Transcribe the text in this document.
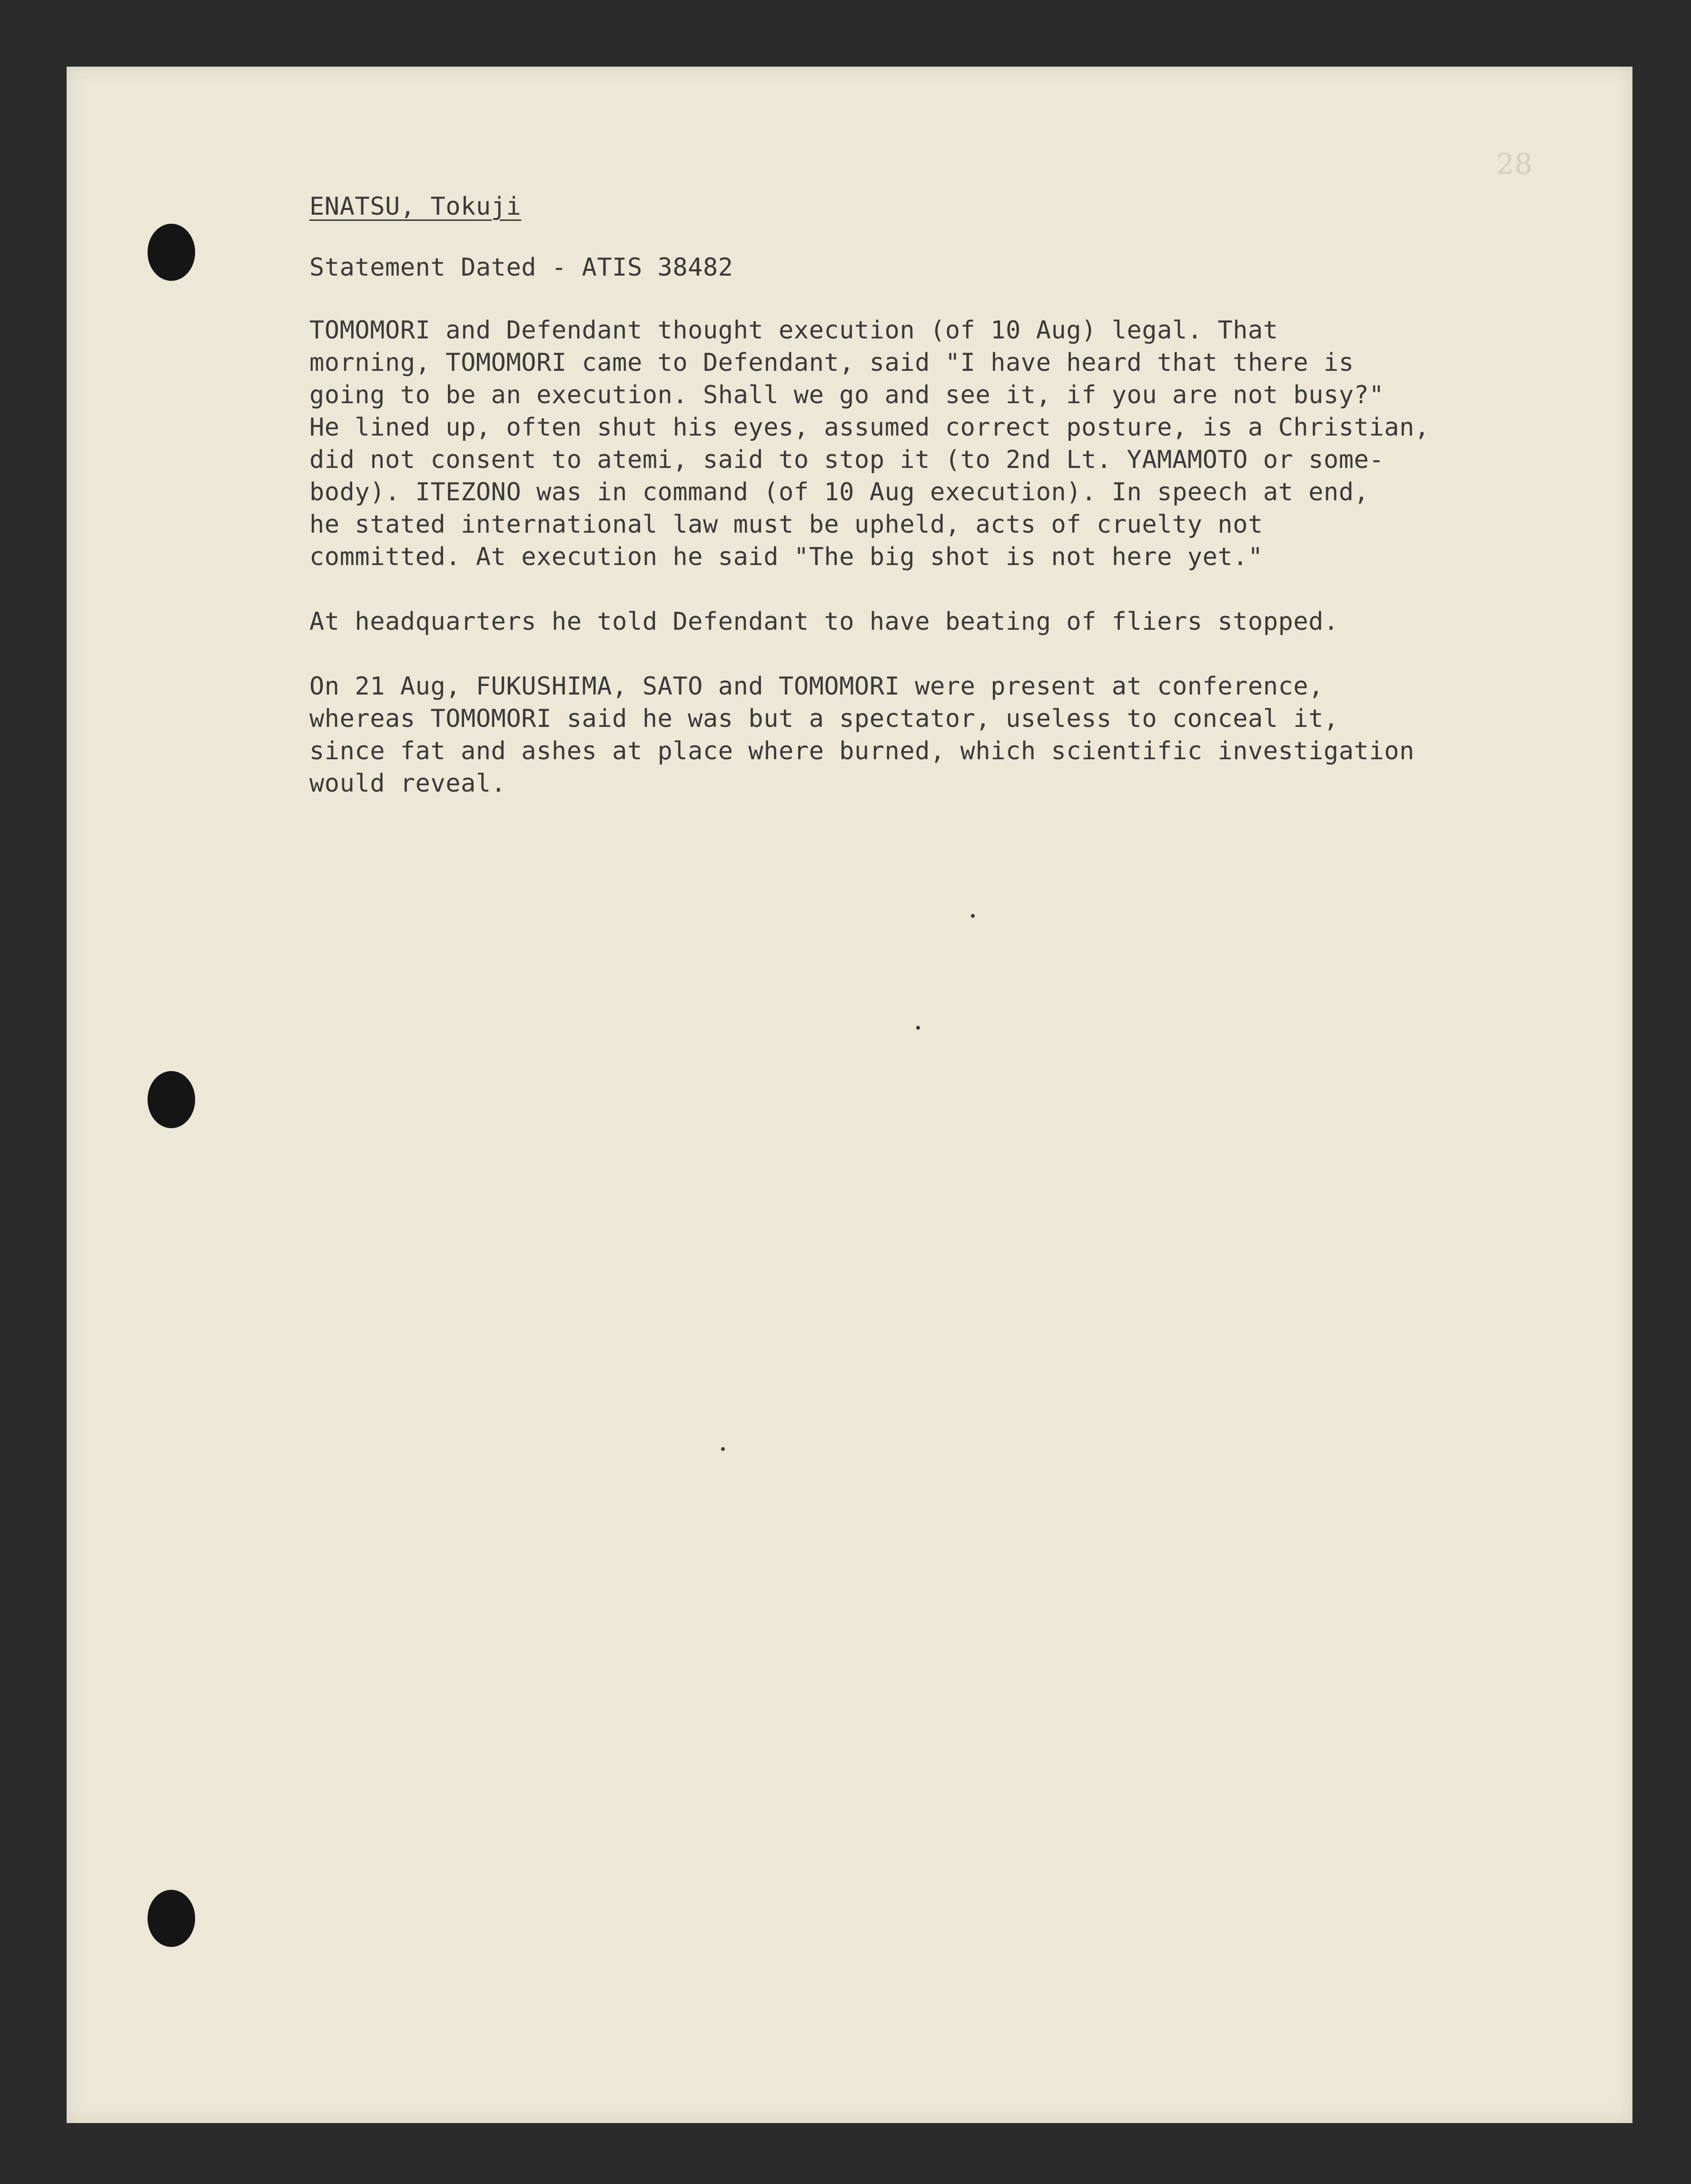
28
ENATSU, Tokuji
Statement Dated - ATIS 38482
TOMOMORI and Defendant thought execution (of 10 Aug) legal. That
morning, TOMOMORI came to Defendant, said "I have heard that there is
going to be an execution. Shall we go and see it, if you are not busy?"
He lined up, often shut his eyes, assumed correct posture, is a Christian,
did not consent to atemi, said to stop it (to 2nd Lt. YAMAMOTO or some-
body). ITEZONO was in command (of 10 Aug execution). In speech at end,
he stated international law must be upheld, acts of cruelty not
committed. At execution he said "The big shot is not here yet."
At headquarters he told Defendant to have beating of fliers stopped.
On 21 Aug, FUKUSHIMA, SATO and TOMOMORI were present at conference,
whereas TOMOMORI said he was but a spectator, useless to conceal it,
since fat and ashes at place where burned, which scientific investigation
would reveal.
